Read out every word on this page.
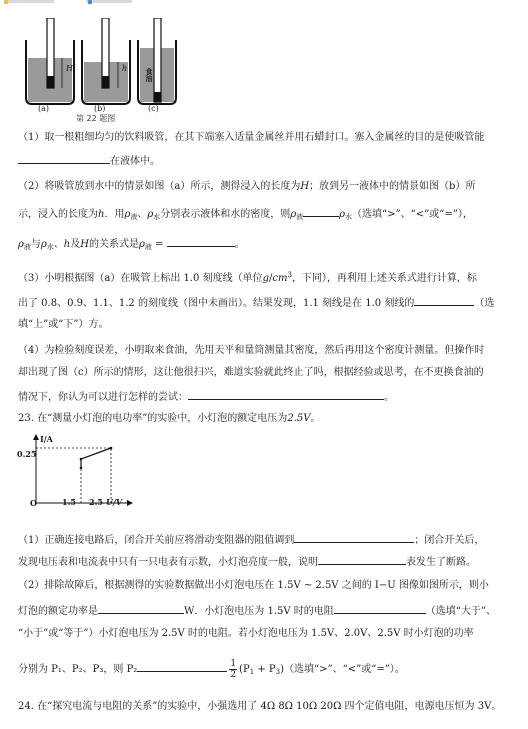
H	h	食油
(a)	(b)	(c)
第 22 题图
（1）取一根粗细均匀的饮料吸管，在其下端塞入适量金属丝并用石蜡封口。塞入金属丝的目的是使吸管能
在液体中。
（2）将吸管放到水中的情景如图（a）所示，测得浸入的长度为H；放到另一液体中的情景如图（b）所
示，浸入的长度为h．用$\rho_液$、$\rho_水$分别表示液体和水的密度，则$\rho_液$	$\rho_水$（选填“>”、“<”或“=”），
$\rho_液$与$\rho_水$、h及H的关系式是$\rho_液$ =	。
（3）小明根据图（a）在吸管上标出 1.0 刻度线（单位$g/cm^3$，下同），再利用上述关系式进行计算，标
出了 0.8、0.9、1.1、1.2 的刻度线（图中未画出）。结果发现，1.1 刻线是在 1.0 刻线的	（选
填“上”或“下”）方。
（4）为检验刻度误差，小明取来食油，先用天平和量筒测量其密度，然后再用这个密度计测量。但操作时
却出现了图（c）所示的情形，这让他很扫兴，难道实验就此终止了吗，根据经验或思考，在不更换食油的
情况下，你认为可以进行怎样的尝试：	。
23. 在“测量小灯泡的电功率”的实验中，小灯泡的额定电压为2.5V。
I/A
0.25
O	1.5 2.5 U/V
（1）正确连接电路后，闭合开关前应将滑动变阻器的阻值调到	；闭合开关后，
发现电压表和电流表中只有一只电表有示数，小灯泡亮度一般，说明	表发生了断路。
（2）排除故障后，根据测得的实验数据做出小灯泡电压在 1.5V ~ 2.5V 之间的 I−U 图像如图所示，则小
灯泡的额定功率是	W．小灯泡电压为 1.5V 时的电阻	（选填“大于”、
“小于”或“等于”）小灯泡电压为 2.5V 时的电阻。若小灯泡电压为 1.5V、2.0V、2.5V 时小灯泡的功率
分别为 P₁、P₂、P₃，则 P₂	$\frac{1}{2} (P_1 + P_3)$（选填“>”、“<”或“=”）。
24. 在“探究电流与电阻的关系”的实验中，小强选用了 4Ω 8Ω 10Ω 20Ω 四个定值电阻，电源电压恒为 3V。
